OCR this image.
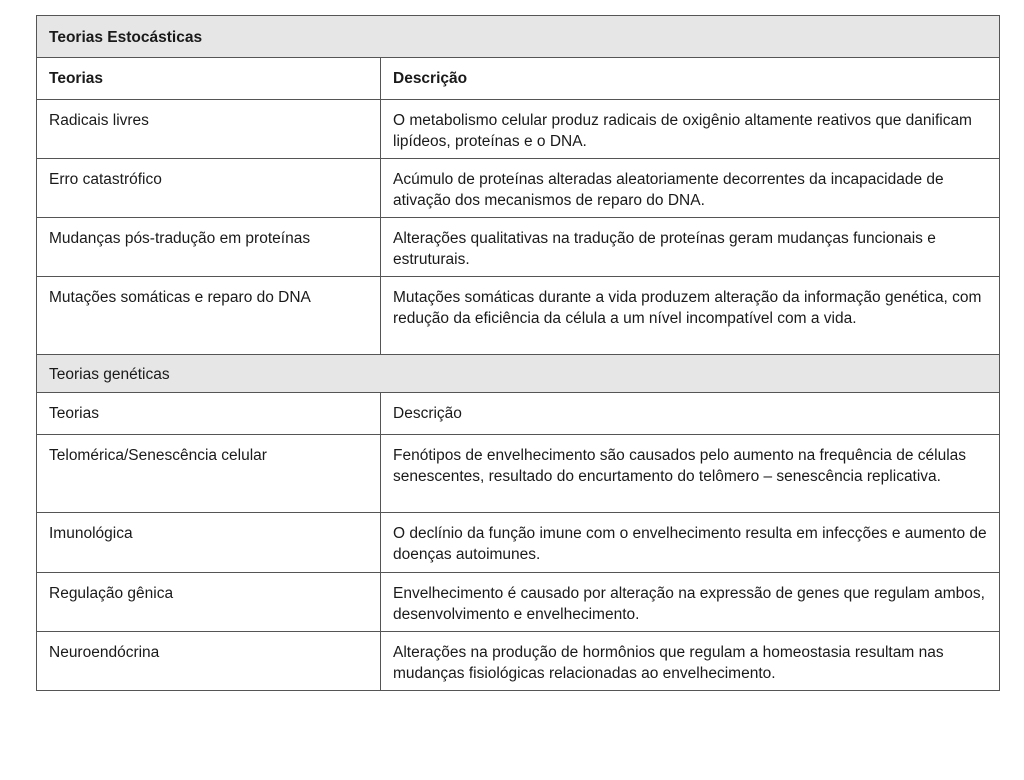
Teorias Estocásticas	
Teorias	Descrição
Radicais livres	O metabolismo celular produz radicais de oxigênio altamente reativos que danificam lipídeos, proteínas e o DNA.
Erro catastrófico	Acúmulo de proteínas alteradas aleatoriamente decorrentes da incapacidade de ativação dos mecanismos de reparo do DNA.
Mudanças pós-tradução em proteínas	Alterações qualitativas na tradução de proteínas geram mudanças funcionais e estruturais.
Mutações somáticas e reparo do DNA	Mutações somáticas durante a vida produzem alteração da informação genética, com redução da eficiência da célula a um nível incompatível com a vida.
Teorias genéticas	
Teorias	Descrição
Telomérica/Senescência celular	Fenótipos de envelhecimento são causados pelo aumento na frequência de células senescentes, resultado do encurtamento do telômero – senescência replicativa.
Imunológica	O declínio da função imune com o envelhecimento resulta em infecções e aumento de doenças autoimunes.
Regulação gênica	Envelhecimento é causado por alteração na expressão de genes que regulam ambos, desenvolvimento e envelhecimento.
Neuroendócrina	Alterações na produção de hormônios que regulam a homeostasia resultam nas mudanças fisiológicas relacionadas ao envelhecimento.
